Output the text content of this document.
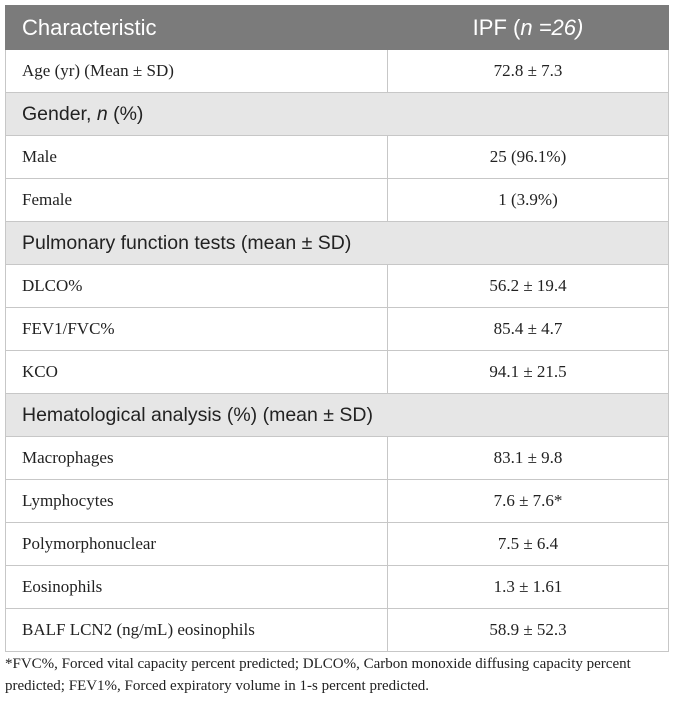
Characteristic	IPF (n =26)
Age (yr) (Mean ± SD)	72.8 ± 7.3
Gender, n (%)	
Male	25 (96.1%)
Female	1 (3.9%)
Pulmonary function tests (mean ± SD)	
DLCO%	56.2 ± 19.4
FEV1/FVC%	85.4 ± 4.7
KCO	94.1 ± 21.5
Hematological analysis (%) (mean ± SD)	
Macrophages	83.1 ± 9.8
Lymphocytes	7.6 ± 7.6*
Polymorphonuclear	7.5 ± 6.4
Eosinophils	1.3 ± 1.61
BALF LCN2 (ng/mL) eosinophils	58.9 ± 52.3
*FVC%, Forced vital capacity percent predicted; DLCO%, Carbon monoxide diffusing capacity percent predicted; FEV1%, Forced expiratory volume in 1-s percent predicted.
